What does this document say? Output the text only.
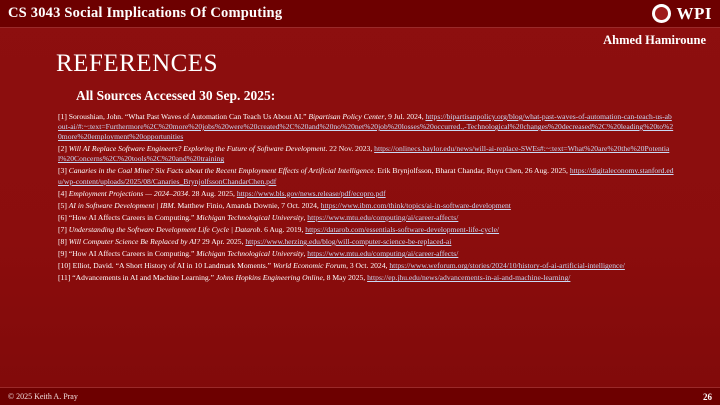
CS 3043 Social Implications Of Computing	WPI
Ahmed Hamiroune
REFERENCES
All Sources Accessed 30 Sep. 2025:
[1] Soroushian, John. “What Past Waves of Automation Can Teach Us About AI.” Bipartisan Policy Center, 9 Jul. 2024, https://bipartisanpolicy.org/blog/what-past-waves-of-automation-can-teach-us-about-ai/#:~:text=Furthermore%2C%20more%20jobs%20were%20created%2C%20and%20no%20net%20job%20losses%20occurred.,-Technological%20changes%20decreased%2C%20leading%20to%20more%20employment%20opportunities
[2] Will AI Replace Software Engineers? Exploring the Future of Software Development. 22 Nov. 2023, https://onlinecs.baylor.edu/news/will-ai-replace-SWEs#:~:text=What%20are%20the%20Potential%20Concerns%2C%20tools%2C%20and%20training
[3] Canaries in the Coal Mine? Six Facts about the Recent Employment Effects of Artificial Intelligence. Erik Brynjolfsson, Bharat Chandar, Ruyu Chen, 26 Aug. 2025, https://digitaleconomy.stanford.edu/wp-content/uploads/2025/08/Canaries_BrynjolfssonChandarChen.pdf
[4] Employment Projections — 2024–2034. 28 Aug. 2025, https://www.bls.gov/news.release/pdf/ecopro.pdf
[5] AI in Software Development | IBM. Matthew Finio, Amanda Downie, 7 Oct. 2024, https://www.ibm.com/think/topics/ai-in-software-development
[6] “How AI Affects Careers in Computing.” Michigan Technological University, https://www.mtu.edu/computing/ai/career-affects/
[7] Understanding the Software Development Life Cycle | Datarob. 6 Aug. 2019, https://datarob.com/essentials-software-development-life-cycle/
[8] Will Computer Science Be Replaced by AI? 29 Apr. 2025, https://www.herzing.edu/blog/will-computer-science-be-replaced-ai
[9] “How AI Affects Careers in Computing.” Michigan Technological University, https://www.mtu.edu/computing/ai/career-affects/
[10] Elliot, David. “A Short History of AI in 10 Landmark Moments.” World Economic Forum, 3 Oct. 2024, https://www.weforum.org/stories/2024/10/history-of-ai-artificial-intelligence/
[11] “Advancements in AI and Machine Learning.” Johns Hopkins Engineering Online, 8 May 2025, https://ep.jhu.edu/news/advancements-in-ai-and-machine-learning/
© 2025 Keith A. Pray	26
